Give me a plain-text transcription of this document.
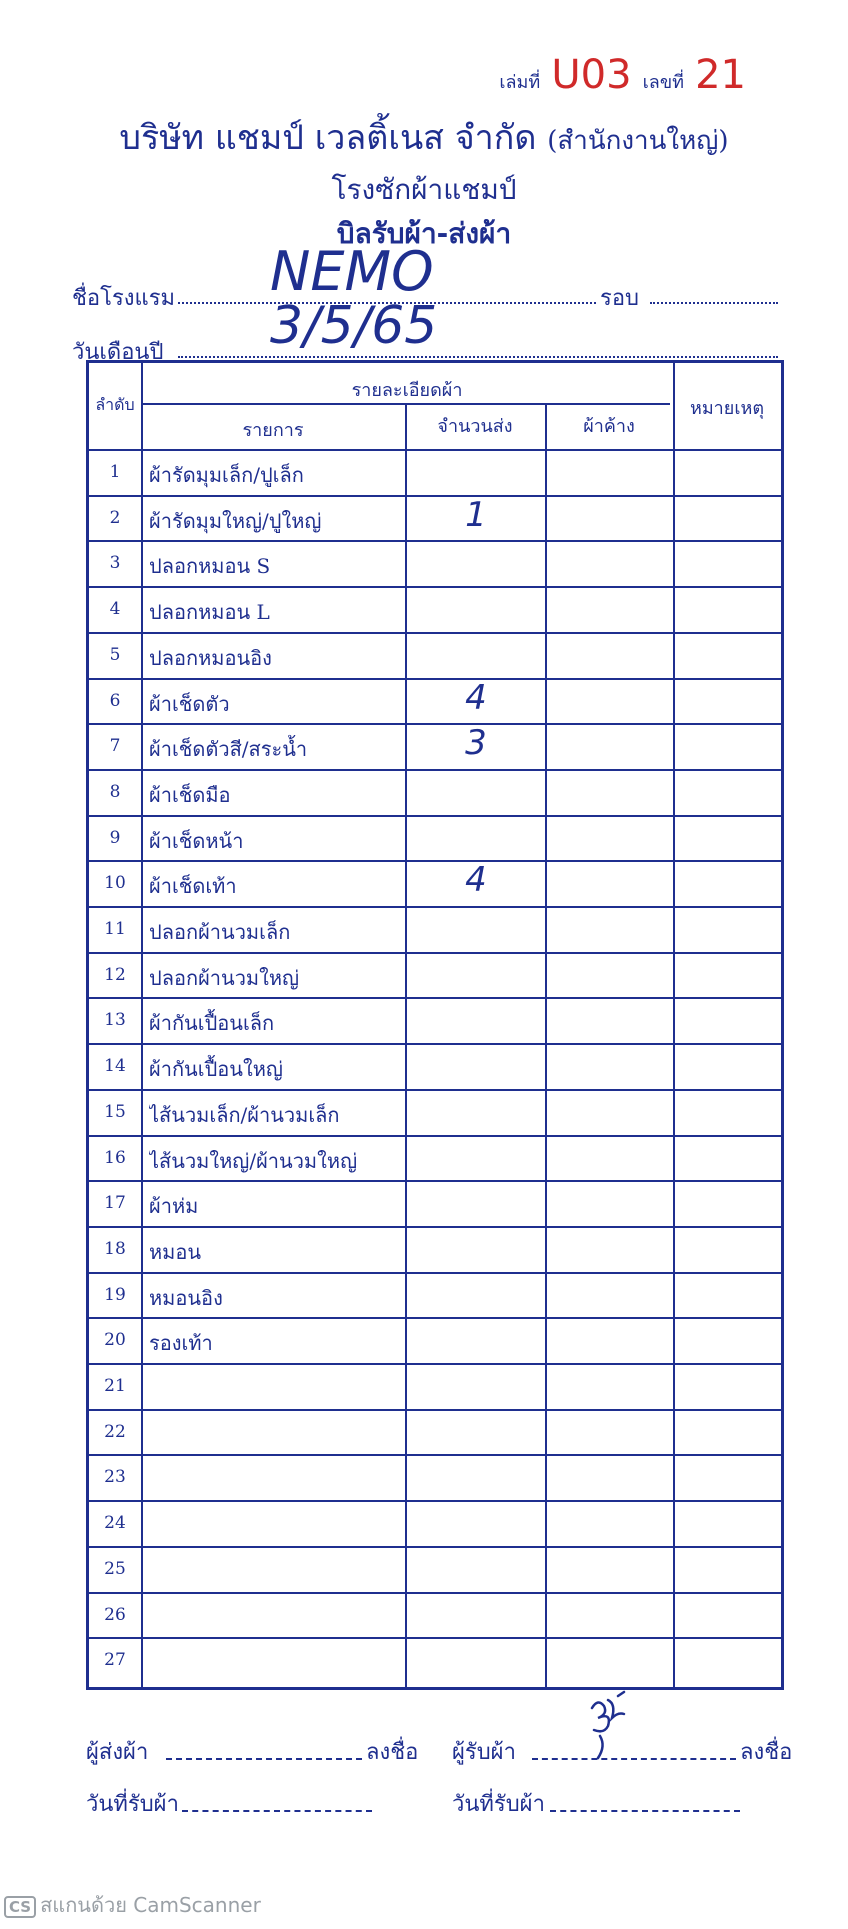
เล่มที่ U03 เลขที่ 21
บริษัท แชมป์ เวลติ้เนส จำกัด (สำนักงานใหญ่)
โรงซักผ้าแชมป์
บิลรับผ้า-ส่งผ้า
ชื่อโรงแรม NEMO	รอบ
วันเดือนปี 3/5/65
ลำดับ
รายละเอียดผ้า
รายการ	จำนวนส่ง	ผ้าค้าง
หมายเหตุ
1	ผ้ารัดมุมเล็ก/ปูเล็ก
2	ผ้ารัดมุมใหญ่/ปูใหญ่	1
3	ปลอกหมอน S
4	ปลอกหมอน L
5	ปลอกหมอนอิง
6	ผ้าเช็ดตัว	4
7	ผ้าเช็ดตัวสี/สระน้ำ	3
8	ผ้าเช็ดมือ
9	ผ้าเช็ดหน้า
10	ผ้าเช็ดเท้า	4
11	ปลอกผ้านวมเล็ก
12	ปลอกผ้านวมใหญ่
13	ผ้ากันเปื้อนเล็ก
14	ผ้ากันเปื้อนใหญ่
15	ไส้นวมเล็ก/ผ้านวมเล็ก
16	ไส้นวมใหญ่/ผ้านวมใหญ่
17	ผ้าห่ม
18	หมอน
19	หมอนอิง
20	รองเท้า
21
22
23
24
25
26
27
ผู้ส่งผ้า	ลงชื่อ ผู้รับผ้า	ลงชื่อ
วันที่รับผ้า	วันที่รับผ้า
CS สแกนด้วย CamScanner
